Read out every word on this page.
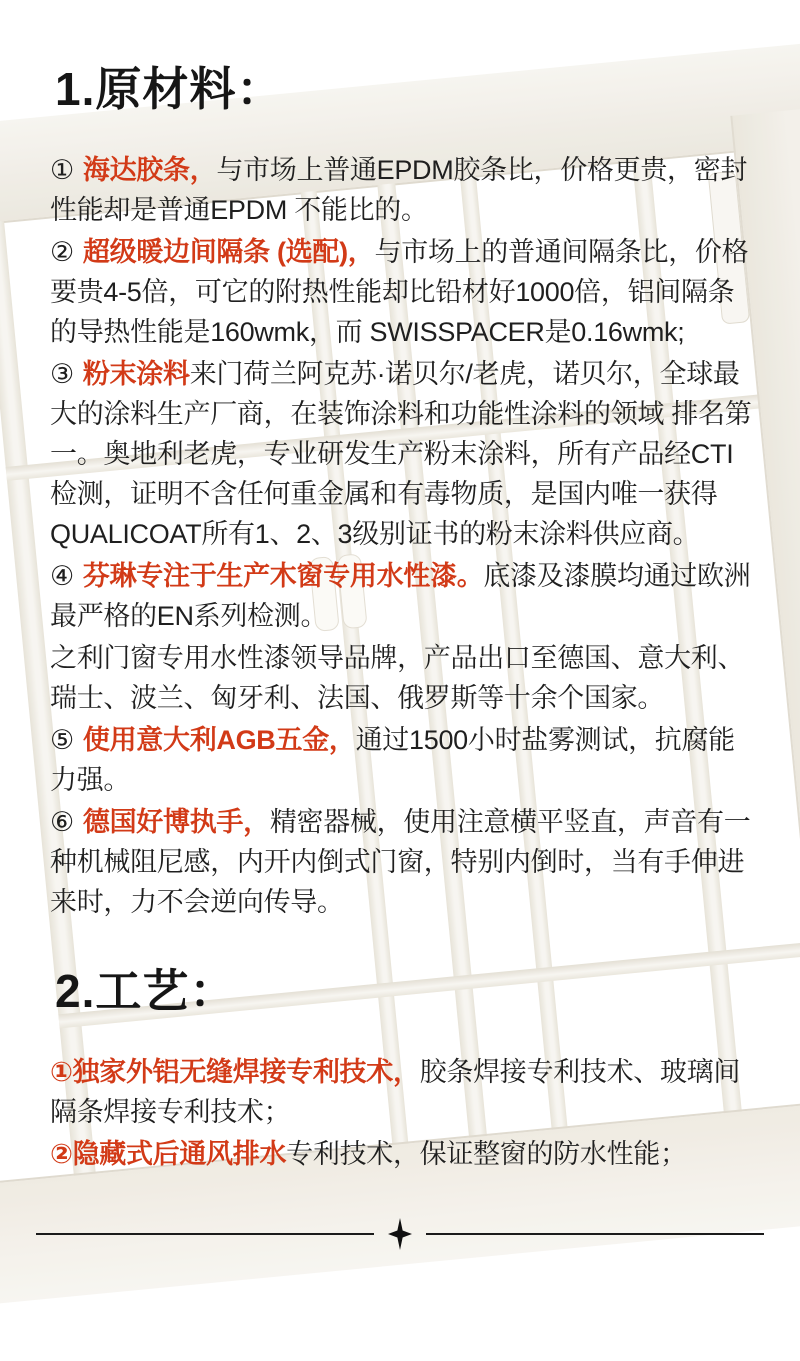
1.原材料：

① 海达胶条，与市场上普通EPDM胶条比，价格更贵，密封性能却是普通EPDM 不能比的。

② 超级暖边间隔条 (选配)，与市场上的普通间隔条比，价格要贵4-5倍，可它的附热性能却比铅材好1000倍，铝间隔条的导热性能是160wmk，而 SWISSPACER是0.16wmk;

③ 粉末涂料来门荷兰阿克苏·诺贝尔/老虎，诺贝尔，全球最大的涂料生产厂商，在装饰涂料和功能性涂料的领域 排名第一。奥地利老虎，专业研发生产粉末涂料，所有产品经CTI检测，证明不含任何重金属和有毒物质，是国内唯一获得QUALICOAT所有1、2、3级别证书的粉末涂料供应商。

④ 芬琳专注于生产木窗专用水性漆。底漆及漆膜均通过欧洲最严格的EN系列检测。

之利门窗专用水性漆领导品牌，产品出口至德国、意大利、瑞士、波兰、匈牙利、法国、俄罗斯等十余个国家。

⑤ 使用意大利AGB五金，通过1500小时盐雾测试，抗腐能力强。

⑥ 德国好博执手，精密器械，使用注意横平竖直，声音有一种机械阻尼感，内开内倒式门窗，特别内倒时，当有手伸进来时，力不会逆向传导。

2.工艺：

①独家外铝无缝焊接专利技术，胶条焊接专利技术、玻璃间隔条焊接专利技术；

②隐藏式后通风排水专利技术，保证整窗的防水性能；
